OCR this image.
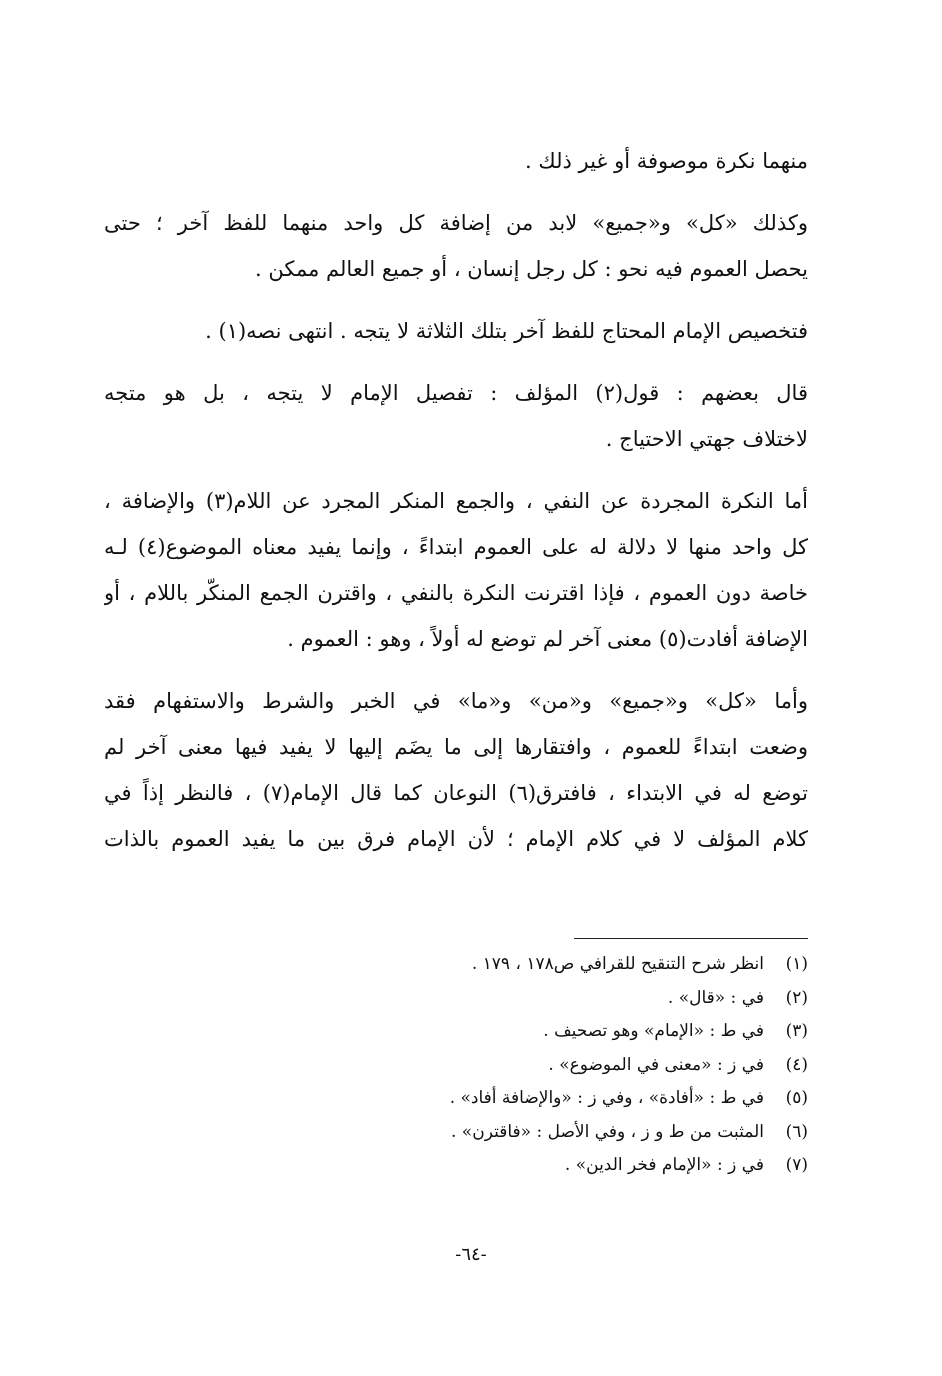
منهما نكرة موصوفة أو غير ذلك .
وكذلك «كل» و«جميع» لابد من إضافة كل واحد منهما للفظ آخر ؛ حتى
يحصل العموم فيه نحو : كل رجل إنسان ، أو جميع العالم ممكن .
فتخصيص الإمام المحتاج للفظ آخر بتلك الثلاثة لا يتجه . انتهى نصه(١) .
قال بعضهم : قول(٢) المؤلف : تفصيل الإمام لا يتجه ، بل هو متجه
لاختلاف جهتي الاحتياج .
أما النكرة المجردة عن النفي ، والجمع المنكر المجرد عن اللام(٣) والإضافة ،
كل واحد منها لا دلالة له على العموم ابتداءً ، وإنما يفيد معناه الموضوع(٤) لـه
خاصة دون العموم ، فإذا اقترنت النكرة بالنفي ، واقترن الجمع المنكّر باللام ، أو
الإضافة أفادت(٥) معنى آخر لم توضع له أولاً ، وهو : العموم .
وأما «كل» و«جميع» و«من» و«ما» في الخبر والشرط والاستفهام فقد
وضعت ابتداءً للعموم ، وافتقارها إلى ما يضَم إليها لا يفيد فيها معنى آخر لم
توضع له في الابتداء ، فافترق(٦) النوعان كما قال الإمام(٧) ، فالنظر إذاً في
كلام المؤلف لا في كلام الإمام ؛ لأن الإمام فرق بين ما يفيد العموم بالذات
(١)انظر شرح التنقيح للقرافي ص١٧٨ ، ١٧٩ .
(٢)في : «قال» .
(٣)في ط : «الإمام» وهو تصحيف .
(٤)في ز : «معنى في الموضوع» .
(٥)في ط : «أفادة» ، وفي ز : «والإضافة أفاد» .
(٦)المثبت من ط و ز ، وفي الأصل : «فاقترن» .
(٧)في ز : «الإمام فخر الدين» .
-٦٤-
